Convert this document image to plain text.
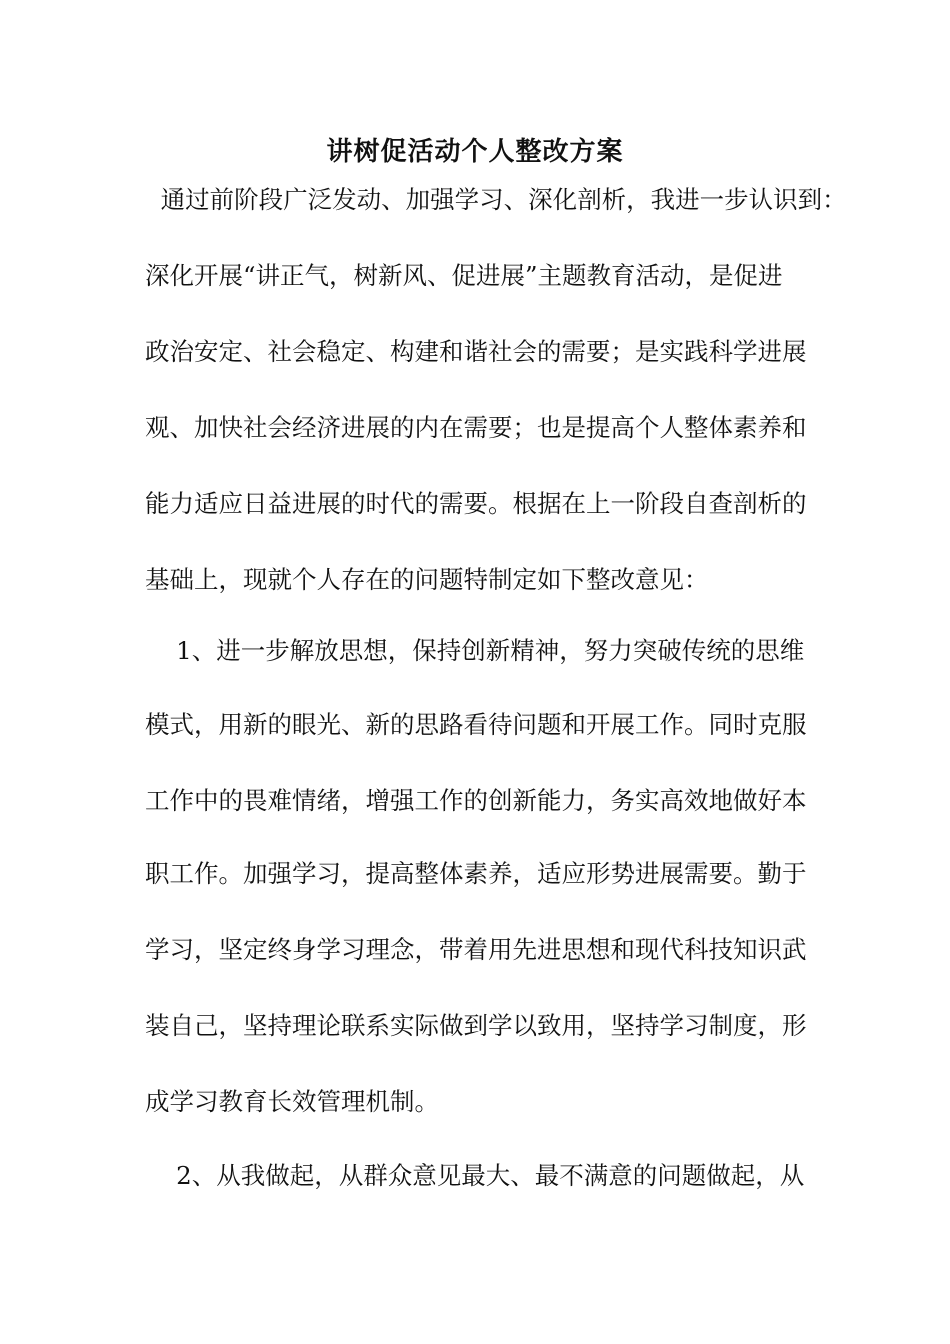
讲树促活动个人整改方案
通过前阶段广泛发动、加强学习、深化剖析，我进一步认识到：
深化开展“讲正气，树新风、促进展”主题教育活动，是促进
政治安定、社会稳定、构建和谐社会的需要；是实践科学进展
观、加快社会经济进展的内在需要；也是提高个人整体素养和
能力适应日益进展的时代的需要。根据在上一阶段自查剖析的
基础上，现就个人存在的问题特制定如下整改意见：
1、进一步解放思想，保持创新精神，努力突破传统的思维
模式，用新的眼光、新的思路看待问题和开展工作。同时克服
工作中的畏难情绪，增强工作的创新能力，务实高效地做好本
职工作。加强学习，提高整体素养，适应形势进展需要。勤于
学习，坚定终身学习理念，带着用先进思想和现代科技知识武
装自己，坚持理论联系实际做到学以致用，坚持学习制度，形
成学习教育长效管理机制。
2、从我做起，从群众意见最大、最不满意的问题做起，从
